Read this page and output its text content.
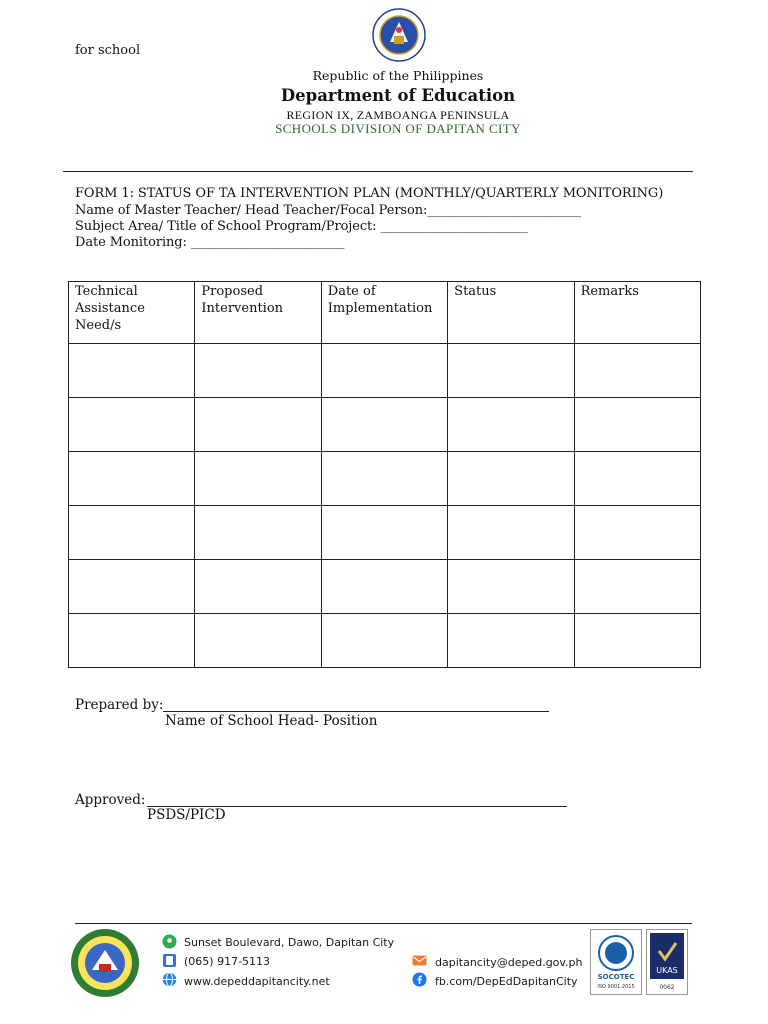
for school
Republic of the Philippines
Department of Education
REGION IX, ZAMBOANGA PENINSULA
SCHOOLS DIVISION OF DAPITAN CITY
FORM 1: STATUS OF TA INTERVENTION PLAN (MONTHLY/QUARTERLY MONITORING)
Name of Master Teacher/ Head Teacher/Focal Person:________________________
Subject Area/ Title of School Program/Project: _______________________
Date Monitoring: ________________________
Technical Assistance Need/s	Proposed Intervention	Date of Implementation	Status	Remarks

Prepared by:
Name of School Head- Position
Approved:
PSDS/PICD
Sunset Boulevard, Dawo, Dapitan City
(065) 917-5113
www.depeddapitancity.net
dapitancity@deped.gov.ph
fb.com/DepEdDapitanCity	SOCOTEC
ISO 9001:2015
UKAS
0062
